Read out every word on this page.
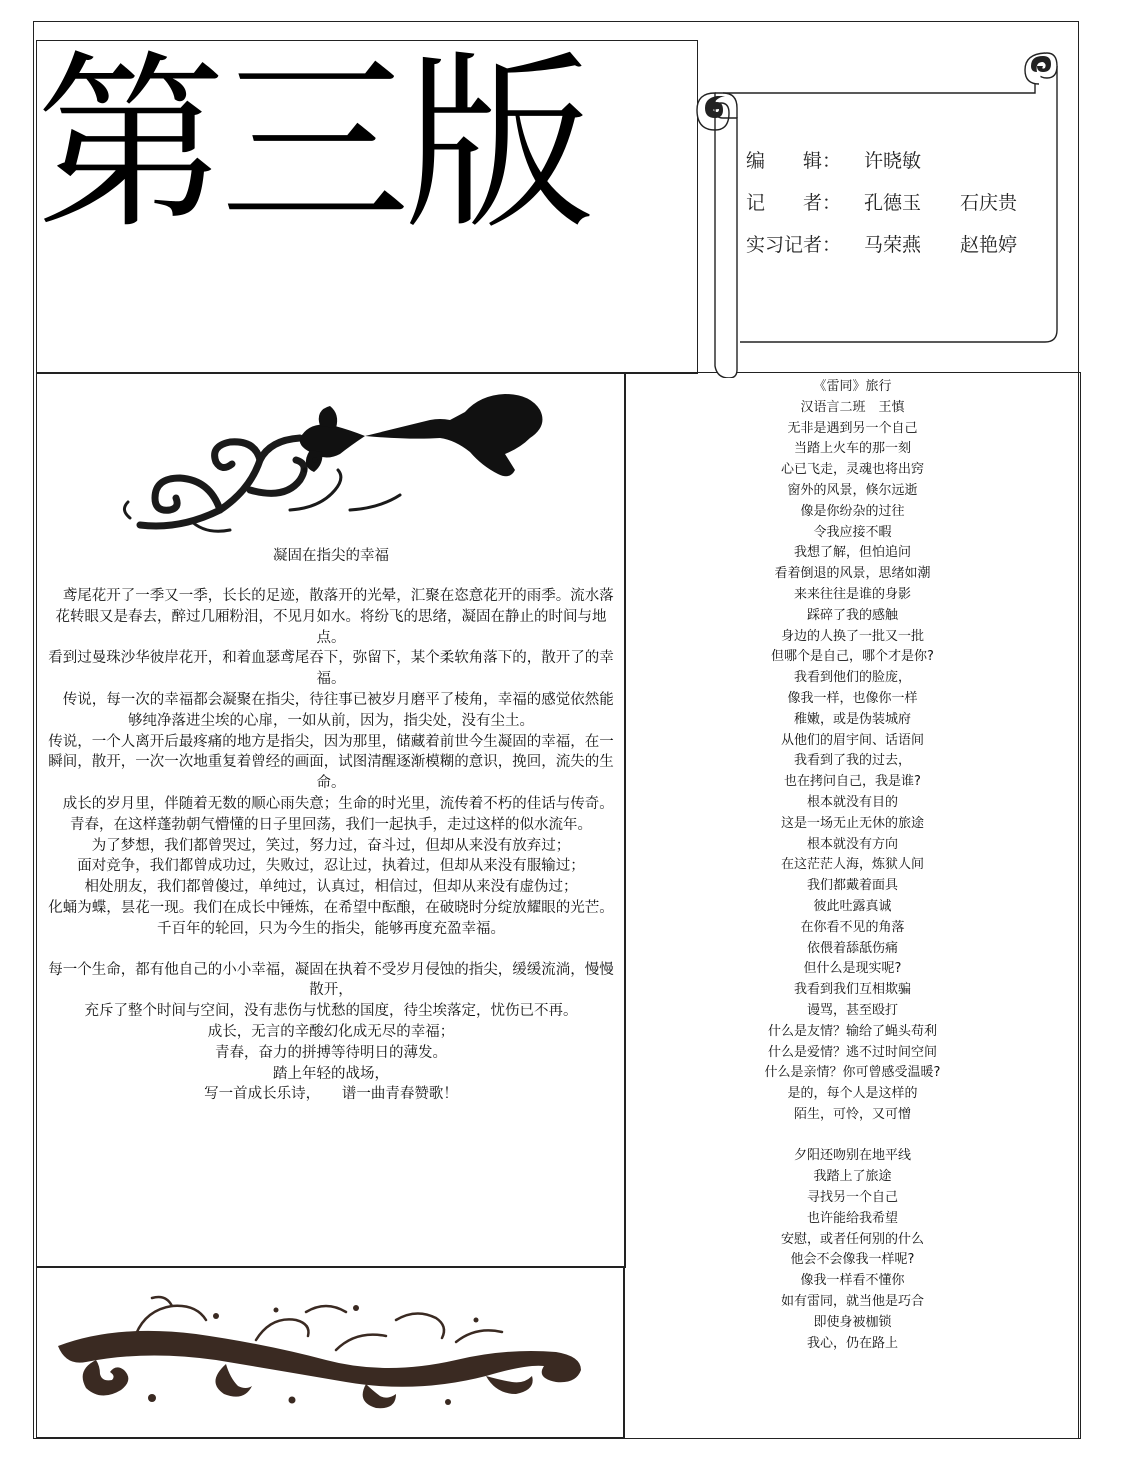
第三版	编　　辑： 许晓敏
记　　者： 孔德玉 石庆贵
实习记者： 马荣燕 赵艳婷
凝固在指尖的幸福

　鸢尾花开了一季又一季，长长的足迹，散落开的光晕，汇聚在恣意花开的雨季。流水落花转眼又是春去，醉过几厢粉泪，不见月如水。将纷飞的思绪，凝固在静止的时间与地点。

看到过曼珠沙华彼岸花开，和着血瑟鸢尾吞下，弥留下，某个柔软角落下的，散开了的幸福。

　传说，每一次的幸福都会凝聚在指尖，待往事已被岁月磨平了棱角，幸福的感觉依然能够纯净落进尘埃的心扉，一如从前，因为，指尖处，没有尘土。

传说，一个人离开后最疼痛的地方是指尖，因为那里，储藏着前世今生凝固的幸福，在一瞬间，散开，一次一次地重复着曾经的画面，试图清醒逐渐模糊的意识，挽回，流失的生命。

　成长的岁月里，伴随着无数的顺心雨失意；生命的时光里，流传着不朽的佳话与传奇。青春，在这样蓬勃朝气懵懂的日子里回荡，我们一起执手，走过这样的似水流年。

为了梦想，我们都曾哭过，笑过，努力过，奋斗过，但却从来没有放弃过；

面对竞争，我们都曾成功过，失败过，忍让过，执着过，但却从来没有服输过；

相处朋友，我们都曾傻过，单纯过，认真过，相信过，但却从来没有虚伪过；

化蛹为蝶，昙花一现。我们在成长中锤炼，在希望中酝酿，在破晓时分绽放耀眼的光芒。

千百年的轮回，只为今生的指尖，能够再度充盈幸福。

每一个生命，都有他自己的小小幸福，凝固在执着不受岁月侵蚀的指尖，缓缓流淌，慢慢散开，

充斥了整个时间与空间，没有悲伤与忧愁的国度，待尘埃落定，忧伤已不再。

成长，无言的辛酸幻化成无尽的幸福；

青春，奋力的拼搏等待明日的薄发。

踏上年轻的战场，

写一首成长乐诗，　　谱一曲青春赞歌！

《雷同》旅行
汉语言二班　王慎
无非是遇到另一个自己
当踏上火车的那一刻
心已飞走，灵魂也将出窍
窗外的风景，倏尔远逝
像是你纷杂的过往
令我应接不暇
我想了解，但怕追问
看着倒退的风景，思绪如潮
来来往往是谁的身影
踩碎了我的感触
身边的人换了一批又一批
但哪个是自己，哪个才是你?
我看到他们的脸庞，
像我一样，也像你一样
稚嫩，或是伪装城府
从他们的眉宇间、话语间
我看到了我的过去，
也在拷问自己，我是谁?
根本就没有目的
这是一场无止无休的旅途
根本就没有方向
在这茫茫人海，炼狱人间
我们都戴着面具
彼此吐露真诚
在你看不见的角落
依偎着舔舐伤痛
但什么是现实呢?
我看到我们互相欺骗
谩骂，甚至殴打
什么是友情？输给了蝇头苟利
什么是爱情？逃不过时间空间
什么是亲情？你可曾感受温暖?
是的，每个人是这样的
陌生，可怜，又可憎
夕阳还吻别在地平线
我踏上了旅途
寻找另一个自己
也许能给我希望
安慰，或者任何别的什么
他会不会像我一样呢?
像我一样看不懂你
如有雷同，就当他是巧合
即使身被枷锁
我心，仍在路上
